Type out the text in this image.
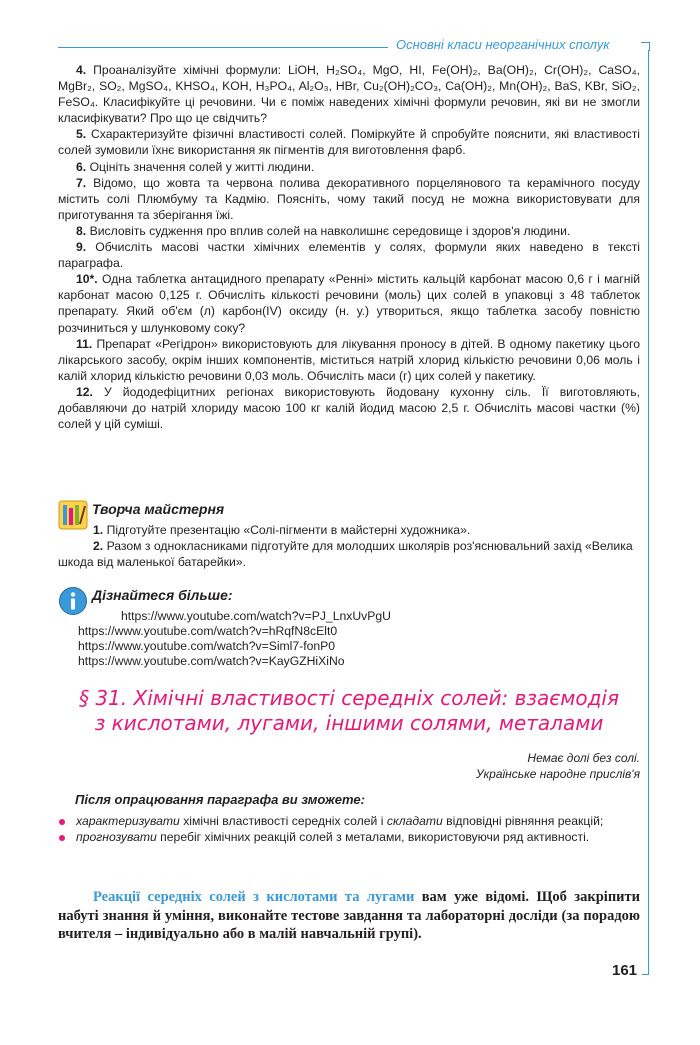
Основні класи неорганічних сполук

4. Проаналізуйте хімічні формули: LiOH, H₂SO₄, MgO, HI, Fe(OH)₂, Ba(OH)₂, Cr(OH)₂, CaSO₄, MgBr₂, SO₂, MgSO₄, KHSO₄, KOH, H₃PO₄, Al₂O₃, HBr, Cu₂(OH)₂CO₃, Ca(OH)₂, Mn(OH)₂, BaS, KBr, SiO₂, FeSO₄. Класифікуйте ці речовини. Чи є поміж наведених хімічні формули речовин, які ви не змогли класифікувати? Про що це свідчить?

5. Схарактеризуйте фізичні властивості солей. Поміркуйте й спробуйте пояснити, які властивості солей зумовили їхнє використання як пігментів для виготовлення фарб.

6. Оцініть значення солей у житті людини.

7. Відомо, що жовта та червона полива декоративного порцелянового та керамічного посуду містить солі Плюмбуму та Кадмію. Поясніть, чому такий посуд не можна використовувати для приготування та зберігання їжі.

8. Висловіть судження про вплив солей на навколишнє середовище і здоров'я людини.

9. Обчисліть масові частки хімічних елементів у солях, формули яких наведено в тексті параграфа.

10*. Одна таблетка антацидного препарату «Ренні» містить кальцій карбонат масою 0,6 г і магній карбонат масою 0,125 г. Обчисліть кількості речовини (моль) цих солей в упаковці з 48 таблеток препарату. Який об'єм (л) карбон(IV) оксиду (н. у.) утвориться, якщо таблетка засобу повністю розчиниться у шлунковому соку?

11. Препарат «Регідрон» використовують для лікування проносу в дітей. В одному пакетику цього лікарського засобу, окрім інших компонентів, міститься натрій хлорид кількістю речовини 0,06 моль і калій хлорид кількістю речовини 0,03 моль. Обчисліть маси (г) цих солей у пакетику.

12. У йододефіцитних регіонах використовують йодовану кухонну сіль. Її виготовляють, добавляючи до натрій хлориду масою 100 кг калій йодид масою 2,5 г. Обчисліть масові частки (%) солей у цій суміші.

Творча майстерня

1. Підготуйте презентацію «Солі-пігменти в майстерні художника».

2. Разом з однокласниками підготуйте для молодших школярів роз'яснювальний захід «Велика шкода від маленької батарейки».

Дізнайтеся більше:
https://www.youtube.com/watch?v=PJ_LnxUvPgU
https://www.youtube.com/watch?v=hRqfN8cElt0
https://www.youtube.com/watch?v=Siml7-fonP0
https://www.youtube.com/watch?v=KayGZHiXiNo
§ 31. Хімічні властивості середніх солей: взаємодія
з кислотами, лугами, іншими солями, металами
Немає долі без солі.
Українське народне прислів'я
Після опрацювання параграфа ви зможете:
характеризувати хімічні властивості середніх солей і складати відповідні рівняння реакцій;
прогнозувати перебіг хімічних реакцій солей з металами, використовуючи ряд активності.
Реакції середніх солей з кислотами та лугами вам уже відомі. Щоб закріпити набуті знання й уміння, виконайте тестове завдання та лабораторні досліди (за порадою вчителя – індивідуально або в малій навчальній групі).
161
